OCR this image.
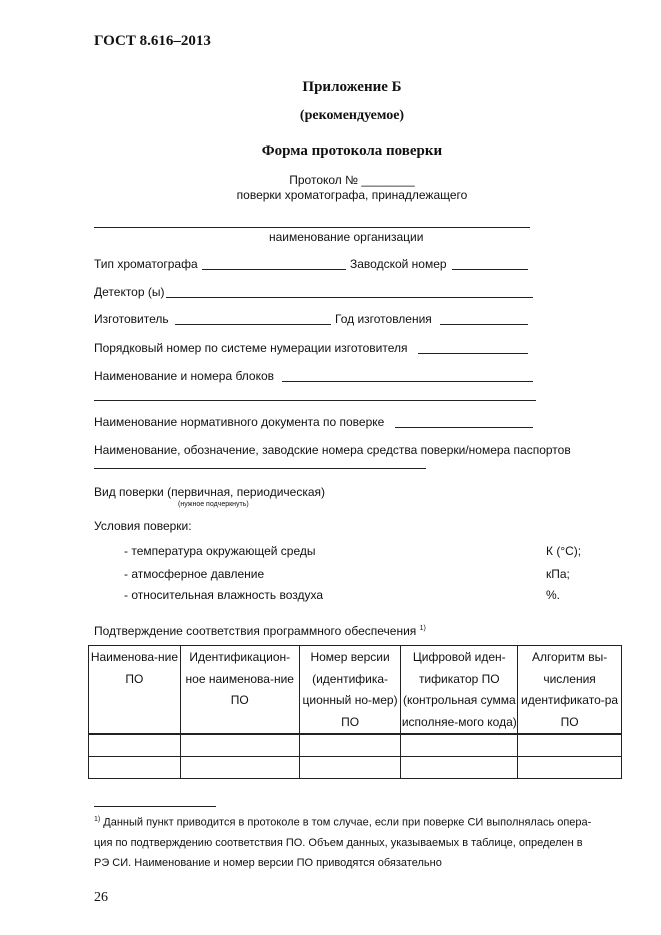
ГОСТ 8.616–2013
Приложение Б
(рекомендуемое)
Форма протокола поверки
Протокол № ________
поверки хроматографа, принадлежащего
наименование организации
Тип хроматографа	Заводской номер
Детектор (ы)
Изготовитель	Год изготовления
Порядковый номер по системе нумерации изготовителя
Наименование и номера блоков
Наименование нормативного документа по поверке
Наименование, обозначение, заводские номера средства поверки/номера паспортов
Вид поверки (первичная, периодическая)
(нужное подчеркнуть)
Условия поверки:
- температура окружающей среды	К (°С);
- атмосферное давление	кПа;
- относительная влажность воздуха	%.
Подтверждение соответствия программного обеспечения $^{1)}$
Наименова-ние ПО	Идентификацион-ное наименова-ние ПО	Номер версии (идентифика-ционный но-мер) ПО	Цифровой иден-тификатор ПО (контрольная сумма исполняе-мого кода)	Алгоритм вы-числения идентификато-ра ПО

$^{1)}$ Данный пункт приводится в протоколе в том случае, если при поверке СИ выполнялась опера-
ция по подтверждению соответствия ПО. Объем данных, указываемых в таблице, определен в
РЭ СИ. Наименование и номер версии ПО приводятся обязательно
26
